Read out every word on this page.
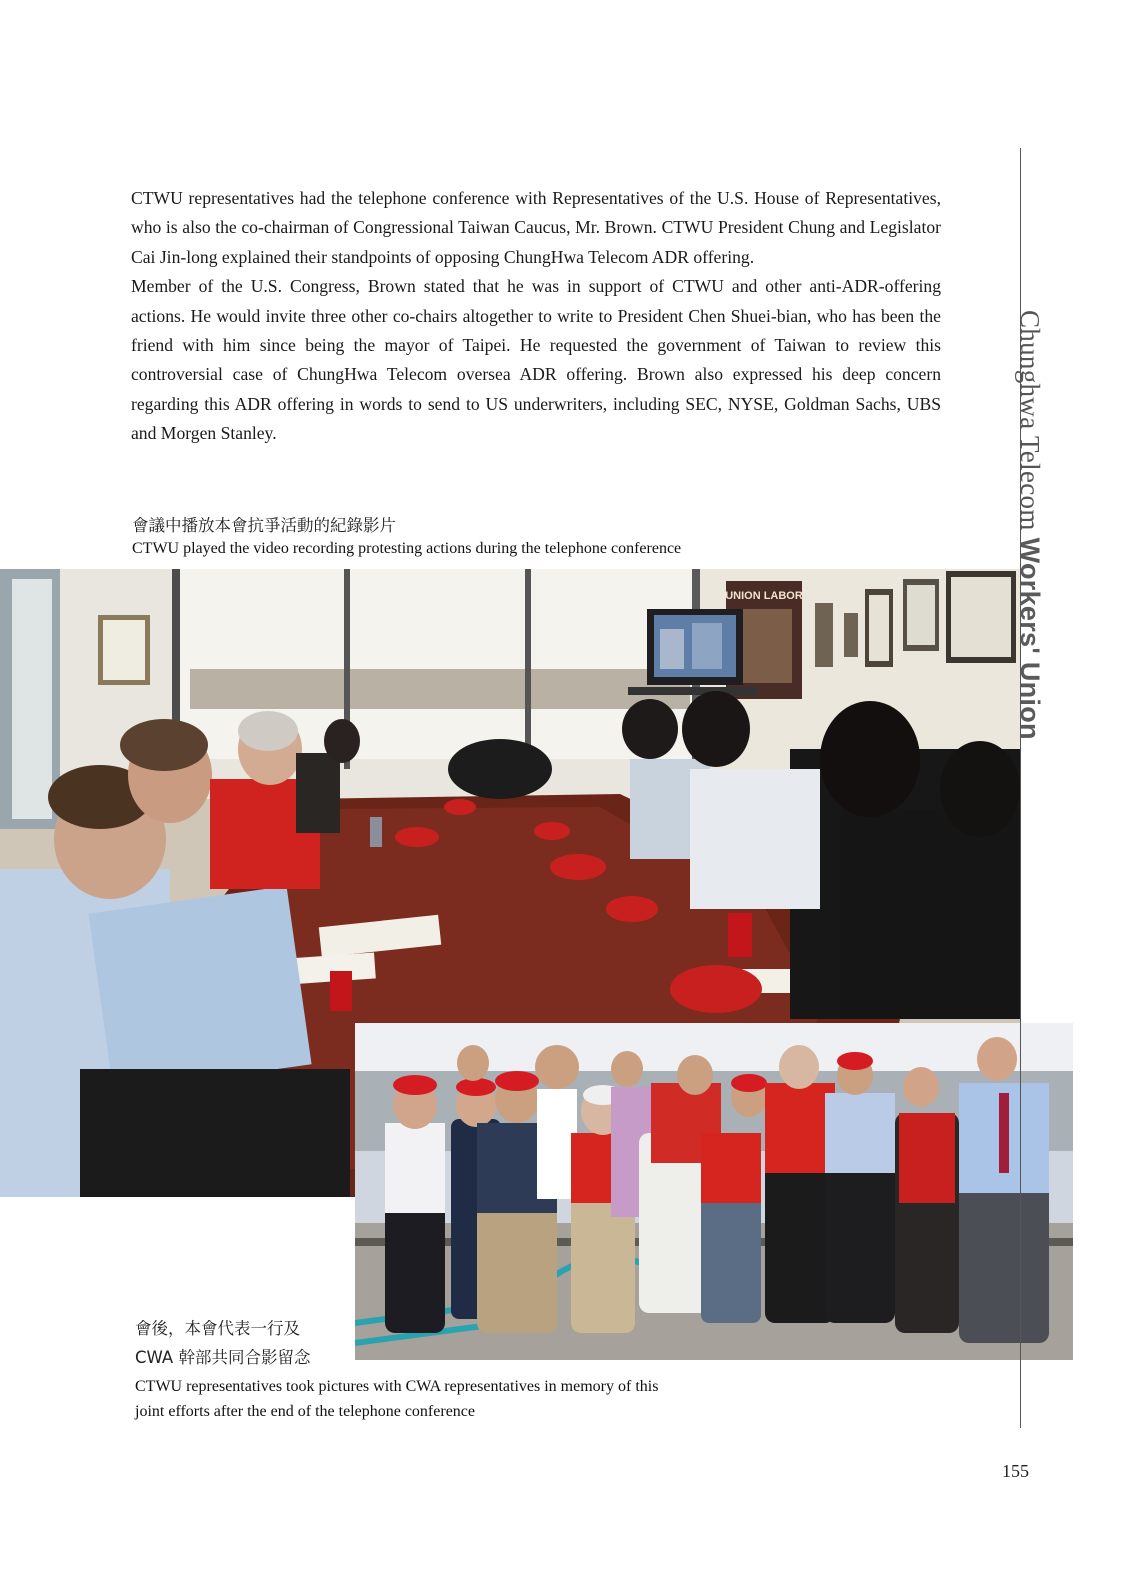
CTWU representatives had the telephone conference with Representatives of the U.S. House of Representatives, who is also the co-chairman of Congressional Taiwan Caucus, Mr. Brown. CTWU President Chung and Legislator Cai Jin-long explained their standpoints of opposing ChungHwa Telecom ADR offering.

Member of the U.S. Congress, Brown stated that he was in support of CTWU and other anti-ADR-offering actions. He would invite three other co-chairs altogether to write to President Chen Shuei-bian, who has been the friend with him since being the mayor of Taipei. He requested the government of Taiwan to review this controversial case of ChungHwa Telecom oversea ADR offering. Brown also expressed his deep concern regarding this ADR offering in words to send to US underwriters, including SEC, NYSE, Goldman Sachs, UBS and Morgen Stanley.

會議中播放本會抗爭活動的紀錄影片
CTWU played the video recording protesting actions during the telephone conference
UNION LABOR
會後，本會代表一行及
CWA 幹部共同合影留念
CTWU representatives took pictures with CWA representatives in memory of this
joint efforts after the end of the telephone conference
Chunghwa Telecom Workers' Union
155
